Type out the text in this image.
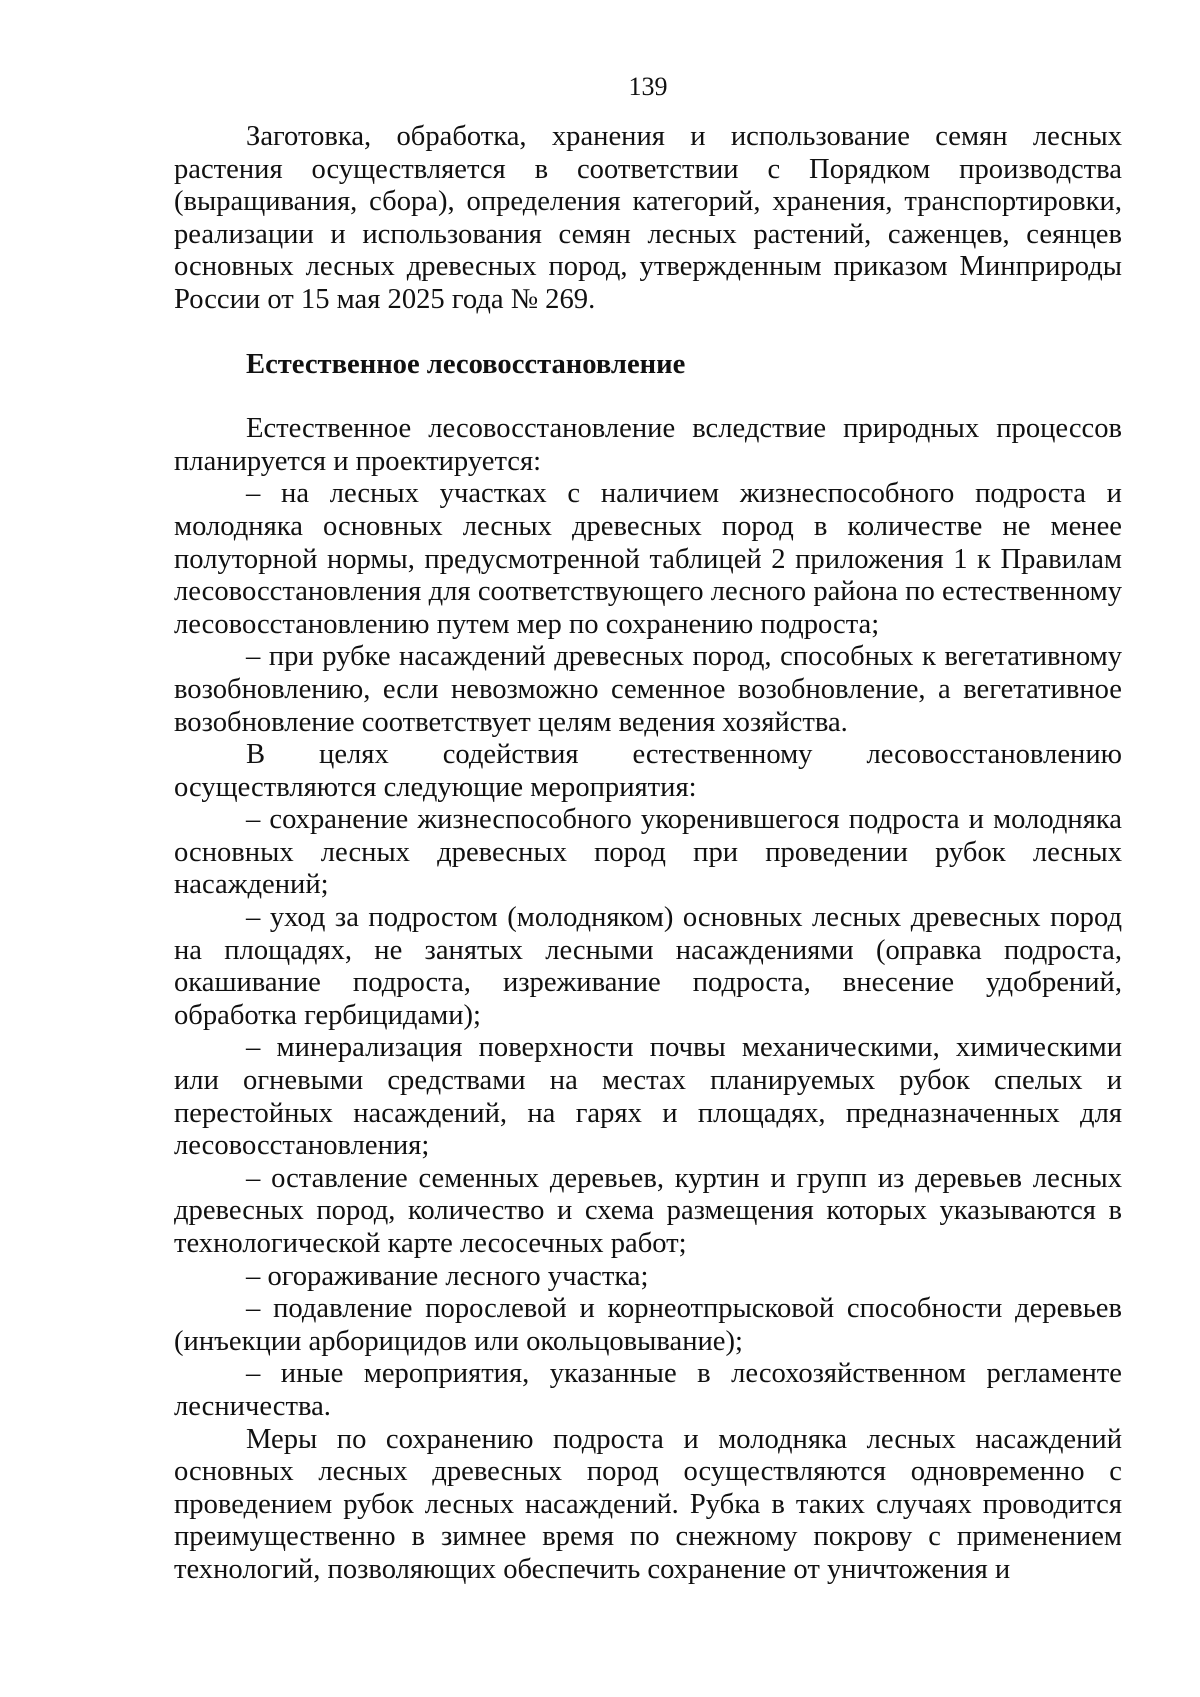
139

Заготовка, обработка, хранения и использование семян лесных растения осуществляется в соответствии с Порядком производства (выращивания, сбора), определения категорий, хранения, транспортировки, реализации и использования семян лесных растений, саженцев, сеянцев основных лесных древесных пород, утвержденным приказом Минприроды России от 15 мая 2025 года № 269.

Естественное лесовосстановление

Естественное лесовосстановление вследствие природных процессов планируется и проектируется:

– на лесных участках с наличием жизнеспособного подроста и молодняка основных лесных древесных пород в количестве не менее полуторной нормы, предусмотренной таблицей 2 приложения 1 к Правилам лесовосстановления для соответствующего лесного района по естественному лесовосстановлению путем мер по сохранению подроста;

– при рубке насаждений древесных пород, способных к вегетативному возобновлению, если невозможно семенное возобновление, а вегетативное возобновление соответствует целям ведения хозяйства.

В целях содействия естественному лесовосстановлению осуществляются следующие мероприятия:

– сохранение жизнеспособного укоренившегося подроста и молодняка основных лесных древесных пород при проведении рубок лесных насаждений;

– уход за подростом (молодняком) основных лесных древесных пород на площадях, не занятых лесными насаждениями (оправка подроста, окашивание подроста, изреживание подроста, внесение удобрений, обработка гербицидами);

– минерализация поверхности почвы механическими, химическими или огневыми средствами на местах планируемых рубок спелых и перестойных насаждений, на гарях и площадях, предназначенных для лесовосстановления;

– оставление семенных деревьев, куртин и групп из деревьев лесных древесных пород, количество и схема размещения которых указываются в технологической карте лесосечных работ;

– огораживание лесного участка;

– подавление порослевой и корнеотпрысковой способности деревьев (инъекции арборицидов или окольцовывание);

– иные мероприятия, указанные в лесохозяйственном регламенте лесничества.

Меры по сохранению подроста и молодняка лесных насаждений основных лесных древесных пород осуществляются одновременно с проведением рубок лесных насаждений. Рубка в таких случаях проводится преимущественно в зимнее время по снежному покрову с применением технологий, позволяющих обеспечить сохранение от уничтожения и
